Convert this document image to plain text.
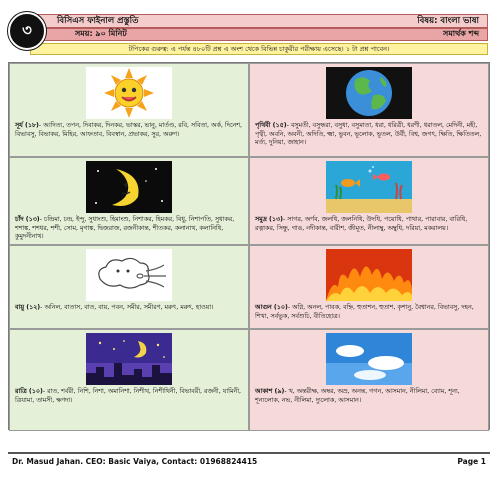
৩	বিসিএস ফাইনাল প্রস্তুতি	বিষয়: বাংলা ভাষা
সময়: ৯০ মিনিট	সমার্থক শব্দ
টপিকের গুরুত্ব: এ পর্যন্ত ৪৮০টি প্রশ্ন এ অংশ থেকে বিভিন্ন চাকুরীর পরীক্ষায় এসেছে। ১ টা প্রশ্ন পাবেন।
সূর্য (১৮)- আদিত্য, তপন, দিবাকর, দিনকর, ভাস্কর, ভানু, মার্তণ্ড, রবি, সবিতা, অর্ক, দিনেশ, বিভাবসু, বিভাকর, মিহির, আফতাব, বিবস্বান, প্রভাকর, সুর, অরুণ।
পৃথিবী (১৫)- বসুমতী, বসুন্ধরা, বসুধা, বসুমাতা, ধরা, ধরিত্রী, ধরণী, ধরাতল, মেদিনী, মহী, পৃথ্বী, অবনি, অবনী, অদিতি, ক্ষ্মা, ভুবন, ভূলোক, ভূতল, উর্বী, বিশ্ব, জগৎ, ক্ষিতি, ক্ষিতিতল, মর্ত্য, দুনিয়া, জাহান।
চাঁদ (১৩)- চন্দ্রিমা, চন্দ্র, ইন্দু, সুধাংশু, হিমাংশু, নিশাকর, হিমকর, বিধু, নিশাপতি, সুধাকর, শশাঙ্ক, শশধর, শশী, সোম, মৃগাঙ্ক, দ্বিজরাজ, রজনীকান্ত, শীতকর, কলানাথ, কলানিধি, কুমুদনীনাথ।
সমুদ্র (১৩)- সাগর, অর্ণব, জলধি, জলনিধি, উদধি, পয়োধি, পাথার, পারাবার, বারিধি, রত্নাকর, সিন্ধু, গাঙ, নদীকান্ত, বারীশ, জীমূত, নীলাম্বু, অম্বুধি, দরিয়া, মকরালয়।
বায়ু (১২)- অনিল, বাতাস, বাত, বায়, পবন, সমীর, সমীরণ, মরুৎ, মরুৎ, হাওয়া।	আগুন (১০)- অগ্নি, অনল, পাবক, বহ্নি, হুতাশন, হুতাশ, কৃশানু, বৈশ্বানর, বিভাবসু, দহন, শিখা, সর্বভুক, সর্বশুচি, বীতিহোত্র।
রাত্রি (১০)- রাত, শর্বরী, নিশি, নিশা, অমানিশা, নিশীথ, নিশীথিনী, বিভাবরী, রজনী, যামিনী, ত্রিযামা, তামসী, ক্ষণদা।
আকাশ (৯)- খ, অন্তরীক্ষ, অম্বর, অভ্র, অনন্ত, গগন, আসমান, নীলিমা, ব্যোম, শূন্য, শূন্যলোক, নভ, নীলিমা, দ্যুলোক, আসমান।
Dr. Masud Jahan. CEO: Basic Vaiya, Contact: 01968824415	Page 1
